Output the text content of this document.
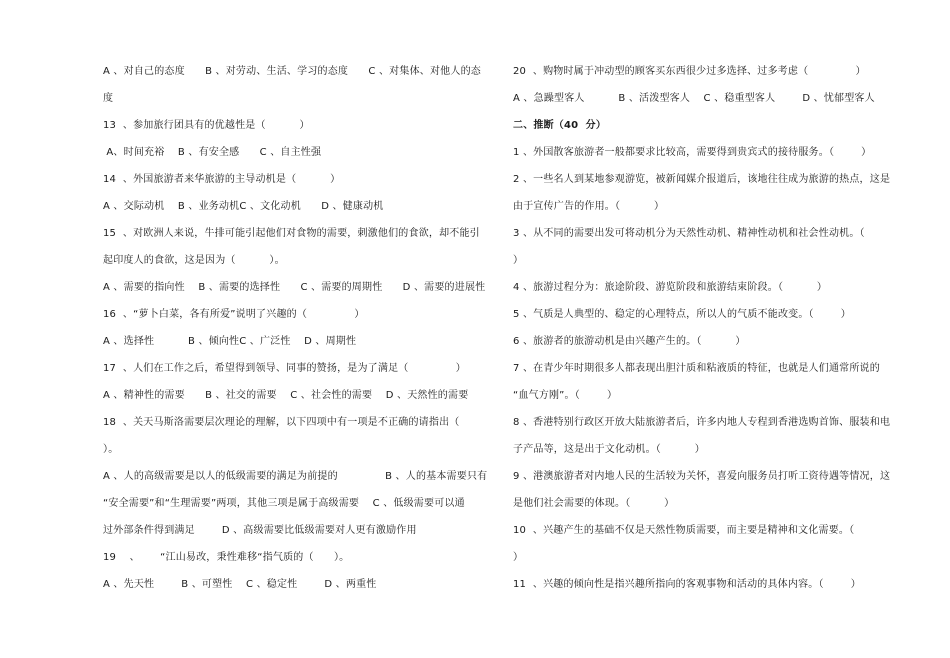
A 、对自己的态度      B 、对劳动、生活、学习的态度      C 、对集体、对他人的态
度
13  、参加旅行团具有的优越性是（          ）
A、时间充裕    B 、有安全感      C 、自主性强
14  、外国旅游者来华旅游的主导动机是（          ）
A 、交际动机    B 、业务动机C 、文化动机      D 、健康动机
15  、对欧洲人来说，牛排可能引起他们对食物的需要，刺激他们的食欲，却不能引
起印度人的食欲，这是因为（          ）。
A 、需要的指向性    B 、需要的选择性      C 、需要的周期性      D 、需要的进展性
16  、“萝卜白菜，各有所爱”说明了兴趣的（              ）
A 、选择性          B 、倾向性C 、广泛性    D 、周期性
17  、人们在工作之后，希望得到领导、同事的赞扬，是为了满足（              ）
A 、精神性的需要      B 、社交的需要    C 、社会性的需要    D 、天然性的需要
18  、关天马斯洛需要层次理论的理解，以下四项中有一项是不正确的请指出（
）。
A 、人的高级需要是以人的低级需要的满足为前提的              B 、人的基本需要只有
“安全需要”和“生理需要”两项，其他三项是属于高级需要    C 、低级需要可以通
过外部条件得到满足        D 、高级需要比低级需要对人更有激励作用
19    、      “江山易改，秉性难移“指气质的（      ）。
A 、先天性        B 、可塑性    C 、稳定性        D 、两重性
20  、购物时属于冲动型的顾客买东西很少过多选择、过多考虑（              ）
A 、急躁型客人          B 、活泼型客人    C 、稳重型客人        D 、忧郁型客人
二、推断（40  分）
1 、外国散客旅游者一般都要求比较高，需要得到贵宾式的接待服务。（        ）
2 、一些名人到某地参观游览，被新闻媒介报道后，该地往往成为旅游的热点，这是
由于宣传广告的作用。（          ）
3 、从不同的需要出发可将动机分为天然性动机、精神性动机和社会性动机。（
）
4 、旅游过程分为：旅途阶段、游览阶段和旅游结束阶段。（          ）
5 、气质是人典型的、稳定的心理特点，所以人的气质不能改变。（        ）
6 、旅游者的旅游动机是由兴趣产生的。（          ）
7 、在青少年时期很多人都表现出胆汁质和粘液质的特征，也就是人们通常所说的
“血气方刚”。（        ）
8 、香港特别行政区开放大陆旅游者后，许多内地人专程到香港选购首饰、服装和电
子产品等，这是出于文化动机。（          ）
9 、港澳旅游者对内地人民的生活较为关怀，喜爱向服务员打听工资待遇等情况，这
是他们社会需要的体现。（          ）
10  、兴趣产生的基础不仅是天然性物质需要，而主要是精神和文化需要。（
）
11  、兴趣的倾向性是指兴趣所指向的客观事物和活动的具体内容。（        ）
